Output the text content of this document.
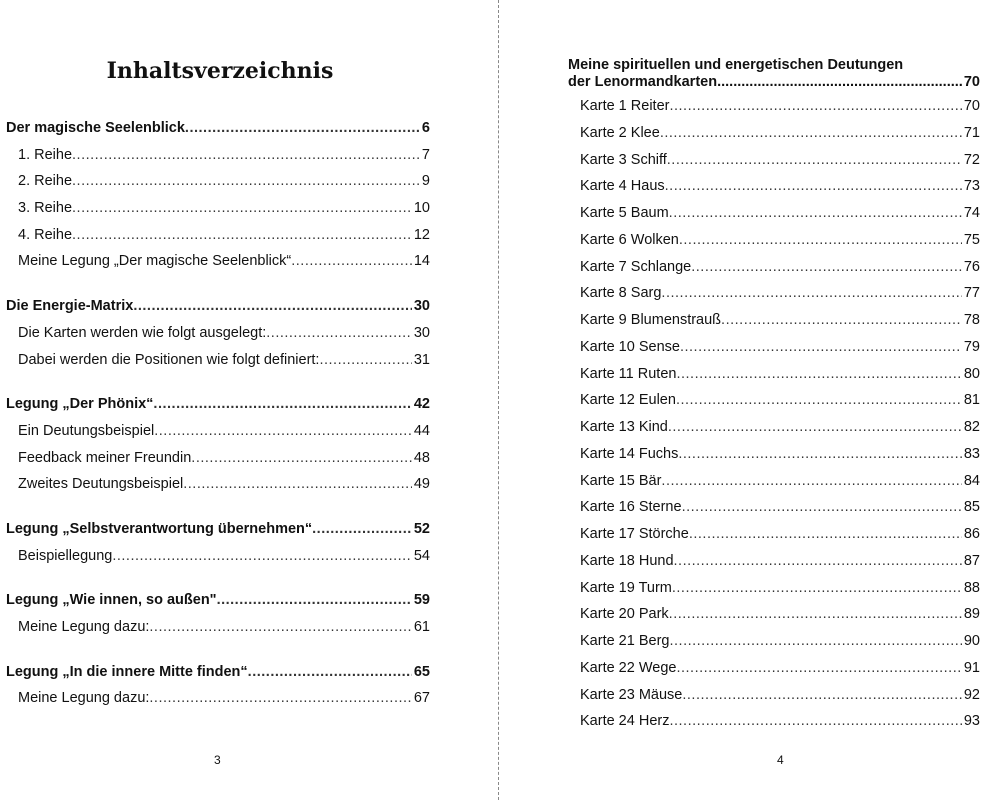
Inhaltsverzeichnis
Der magische Seelenblick .....	6
1. Reihe .....	7
2. Reihe .....	9
3. Reihe .....	10
4. Reihe .....	12
Meine Legung „Der magische Seelenblick“ .....	14
Die Energie-Matrix .....	30
Die Karten werden wie folgt ausgelegt: .....	30
Dabei werden die Positionen wie folgt definiert: .....	31
Legung „Der Phönix“ .....	42
Ein Deutungsbeispiel .....	44
Feedback meiner Freundin .....	48
Zweites Deutungsbeispiel .....	49
Legung „Selbstverantwortung übernehmen“ .....	52
Beispiellegung .....	54
Legung „Wie innen, so außen" .....	59
Meine Legung dazu: .....	61
Legung „In die innere Mitte finden“ .....	65
Meine Legung dazu: .....	67
3
Meine spirituellen und energetischen Deutungen
der Lenormandkarten .....	70
Karte 1 Reiter .....	70
Karte 2 Klee .....	71
Karte 3 Schiff .....	72
Karte 4 Haus .....	73
Karte 5 Baum .....	74
Karte 6 Wolken .....	75
Karte 7 Schlange .....	76
Karte 8 Sarg .....	77
Karte 9 Blumenstrauß .....	78
Karte 10 Sense .....	79
Karte 11 Ruten .....	80
Karte 12 Eulen .....	81
Karte 13 Kind .....	82
Karte 14 Fuchs .....	83
Karte 15 Bär .....	84
Karte 16 Sterne .....	85
Karte 17 Störche .....	86
Karte 18 Hund .....	87
Karte 19 Turm .....	88
Karte 20 Park .....	89
Karte 21 Berg .....	90
Karte 22 Wege .....	91
Karte 23 Mäuse .....	92
Karte 24 Herz .....	93
4
